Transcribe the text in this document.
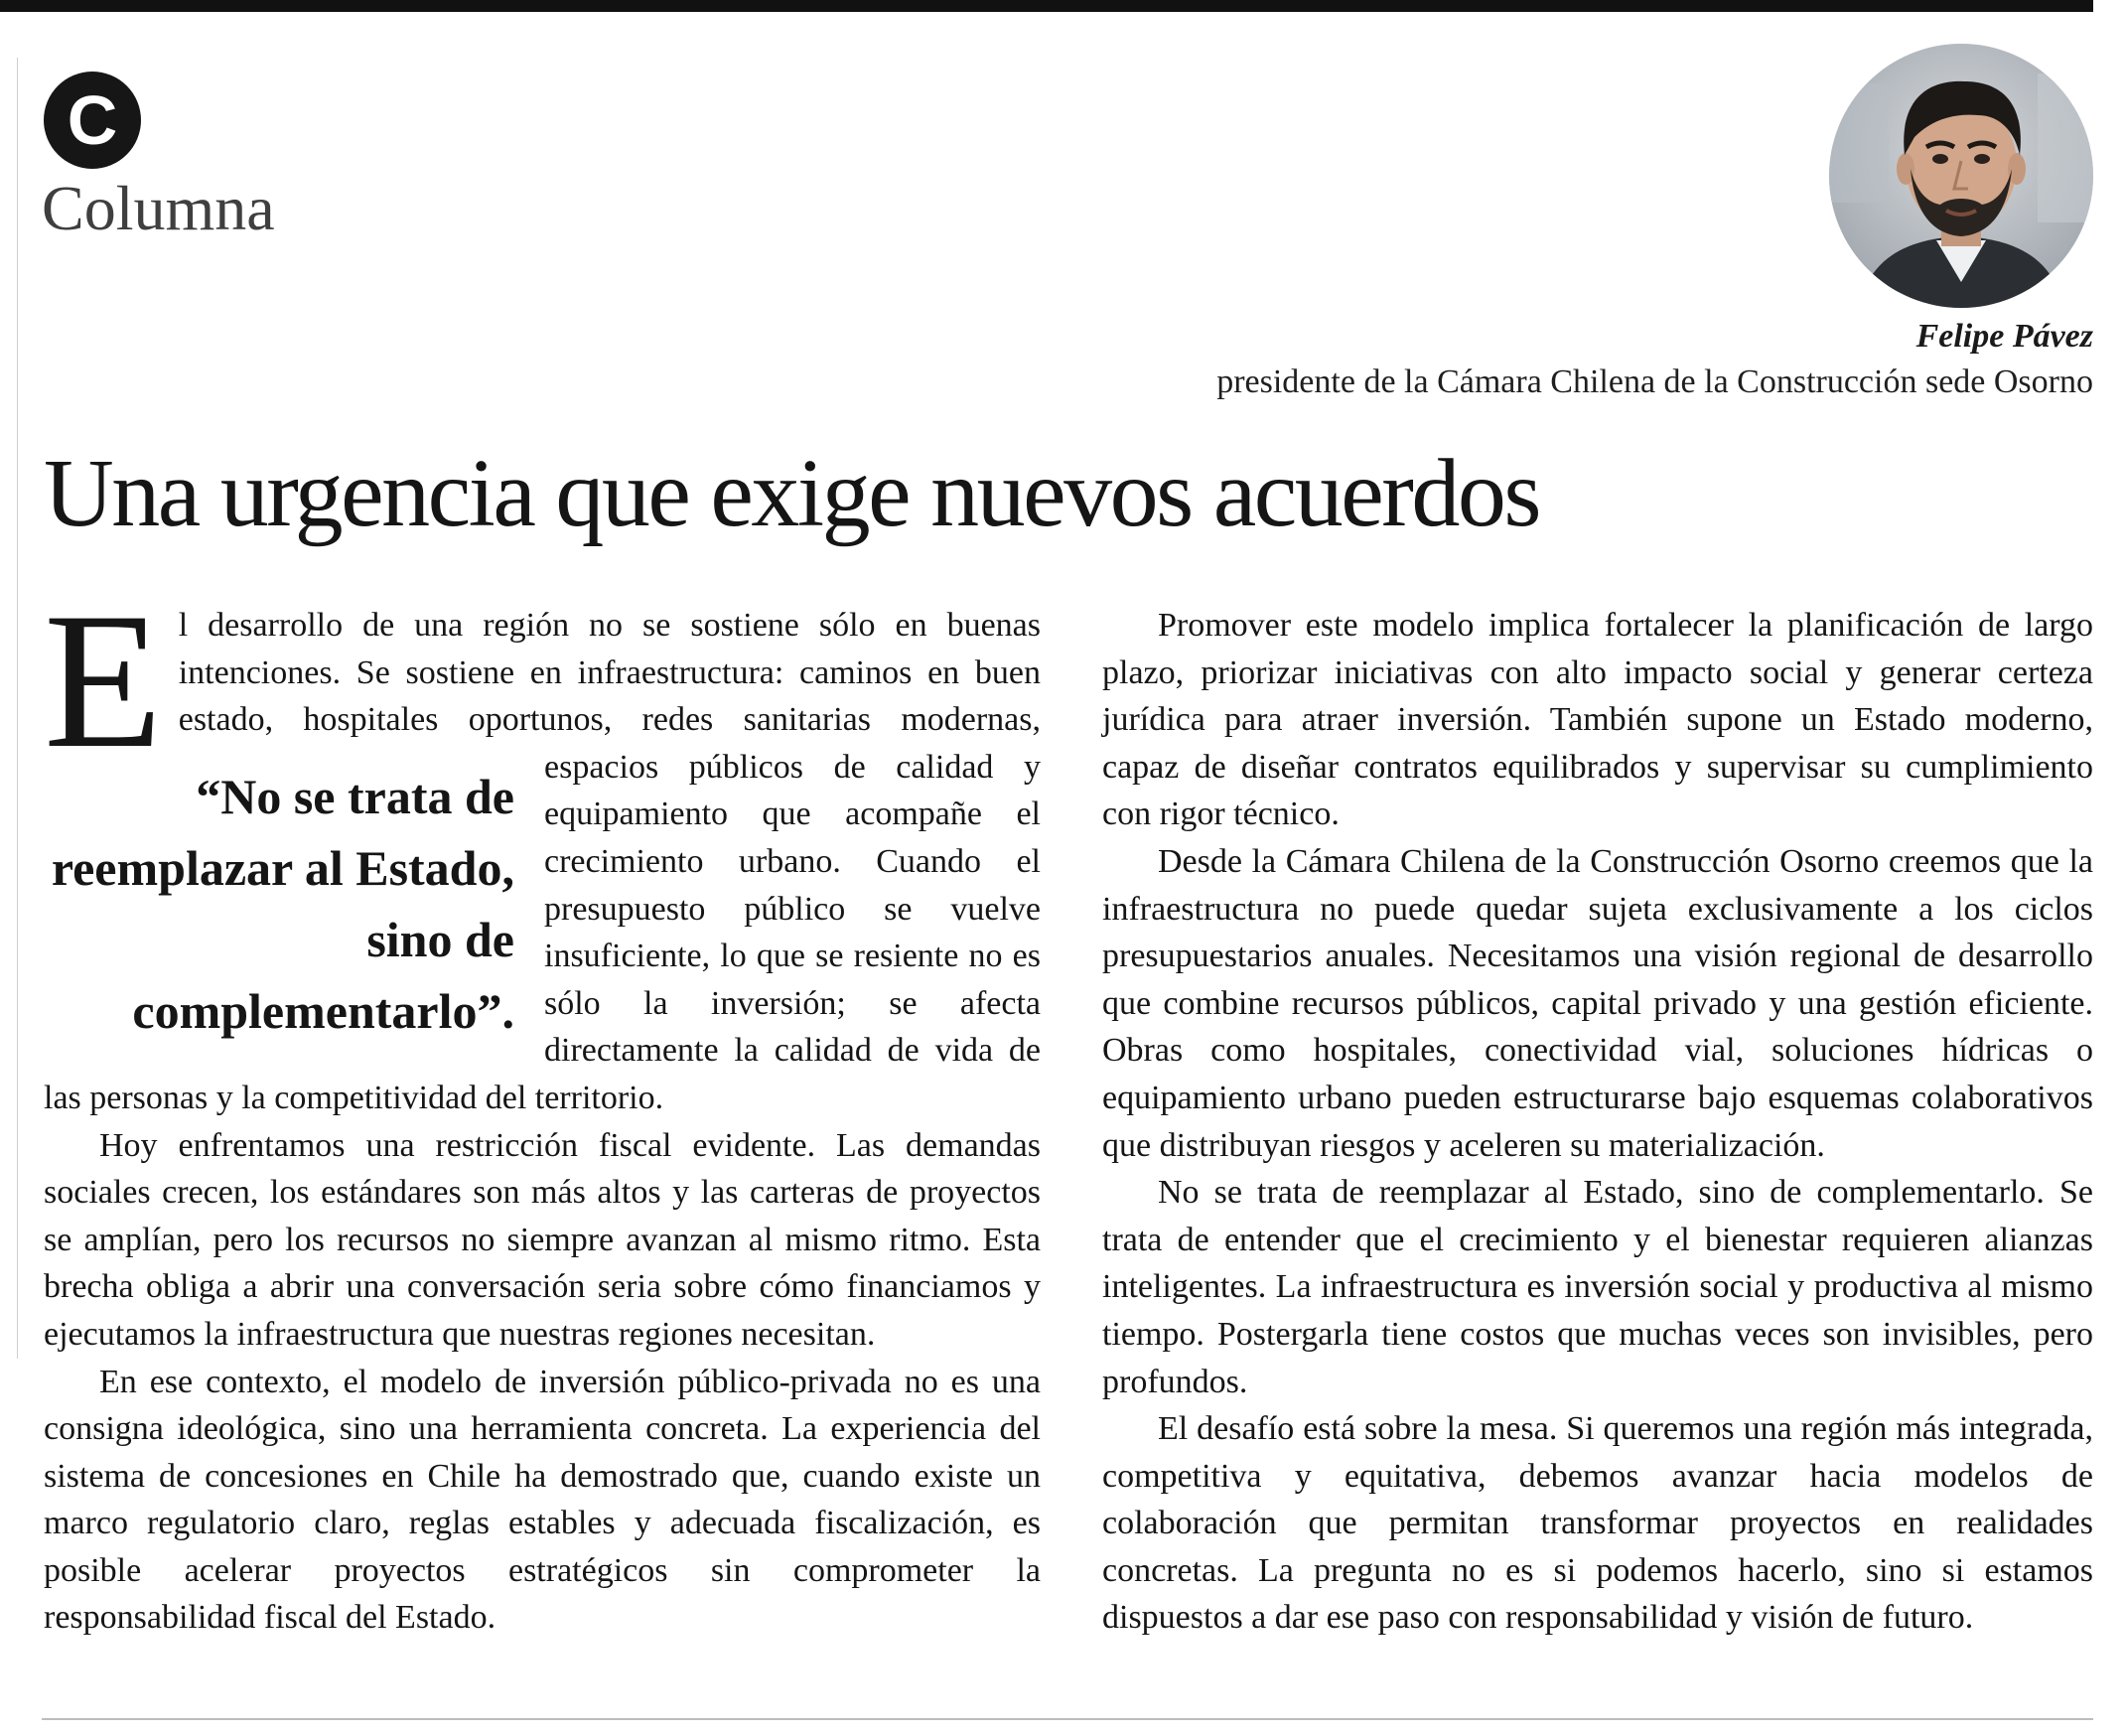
C
Columna
Felipe Pávez
presidente de la Cámara Chilena de la Construcción sede Osorno
Una urgencia que exige nuevos acuerdos
E
“No se trata de reemplazar al Estado, sino de complementarlo”.

l desarrollo de una región no se sostiene sólo en buenas intenciones. Se sostiene en infraestructura: caminos en buen estado, hospitales oportunos, redes sanitarias modernas, espacios públicos de calidad y equipamiento que acompañe el crecimiento urbano. Cuando el presupuesto público se vuelve insuficiente, lo que se resiente no es sólo la inversión; se afecta directamente la calidad de vida de las personas y la competitividad del territorio.

Hoy enfrentamos una restricción fiscal evidente. Las demandas sociales crecen, los estándares son más altos y las carteras de proyectos se amplían, pero los recursos no siempre avanzan al mismo ritmo. Esta brecha obliga a abrir una conversación seria sobre cómo financiamos y ejecutamos la infraestructura que nuestras regiones necesitan.

En ese contexto, el modelo de inversión público-privada no es una consigna ideológica, sino una herramienta concreta. La experiencia del sistema de concesiones en Chile ha demostrado que, cuando existe un marco regulatorio claro, reglas estables y adecuada fiscalización, es posible acelerar proyectos estratégicos sin comprometer la responsabilidad fiscal del Estado.

Promover este modelo implica fortalecer la planificación de largo plazo, priorizar iniciativas con alto impacto social y generar certeza jurídica para atraer inversión. También supone un Estado moderno, capaz de diseñar contratos equilibrados y supervisar su cumplimiento con rigor técnico.

Desde la Cámara Chilena de la Construcción Osorno creemos que la infraestructura no puede quedar sujeta exclusivamente a los ciclos presupuestarios anuales. Necesitamos una visión regional de desarrollo que combine recursos públicos, capital privado y una gestión eficiente. Obras como hospitales, conectividad vial, soluciones hídricas o equipamiento urbano pueden estructurarse bajo esquemas colaborativos que distribuyan riesgos y aceleren su materialización.

No se trata de reemplazar al Estado, sino de complementarlo. Se trata de entender que el crecimiento y el bienestar requieren alianzas inteligentes. La infraestructura es inversión social y productiva al mismo tiempo. Postergarla tiene costos que muchas veces son invisibles, pero profundos.

El desafío está sobre la mesa. Si queremos una región más integrada, competitiva y equitativa, debemos avanzar hacia modelos de colaboración que permitan transformar proyectos en realidades concretas. La pregunta no es si podemos hacerlo, sino si estamos dispuestos a dar ese paso con responsabilidad y visión de futuro.
